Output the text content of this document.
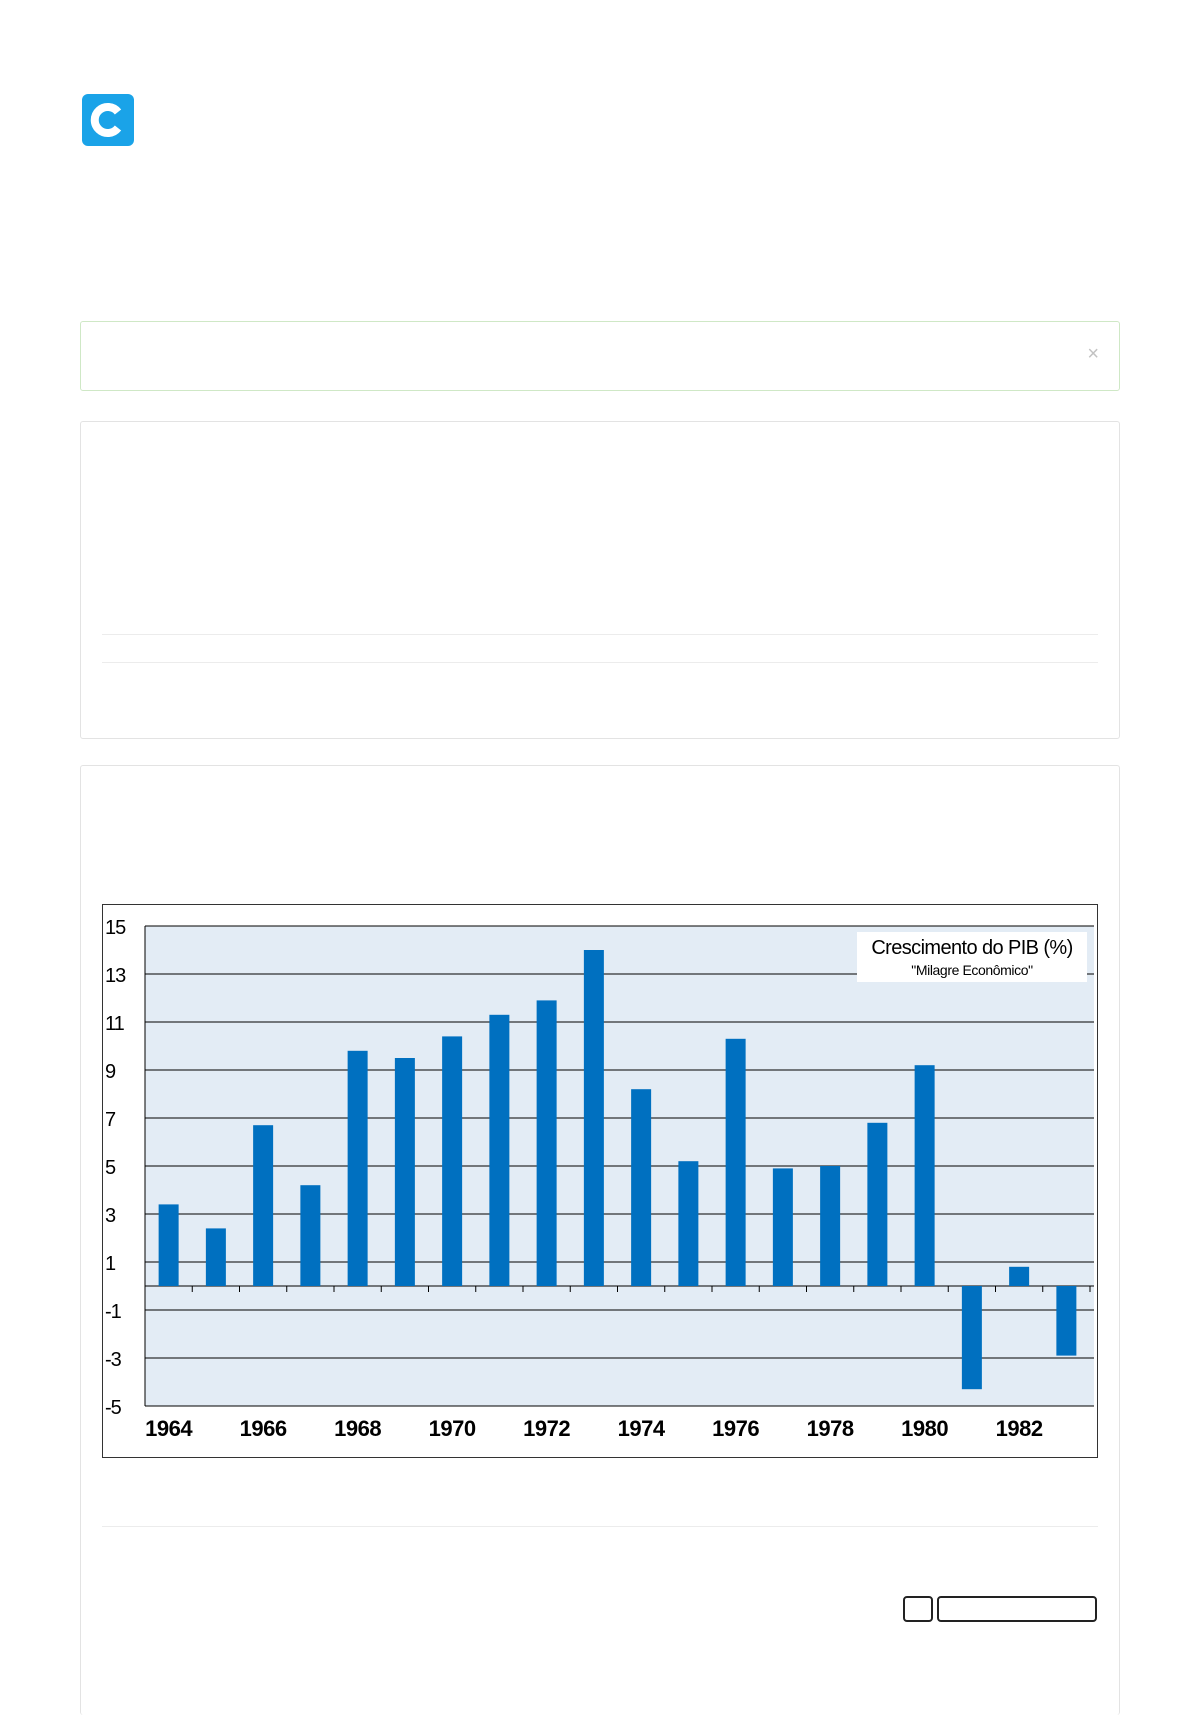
×
15
13
11
9
7
5
3
1
-1
-3
-5
1964 1966 1968 1970 1972 1974 1976 1978 1980 1982
Crescimento do PIB (%)
"Milagre Econômico"
